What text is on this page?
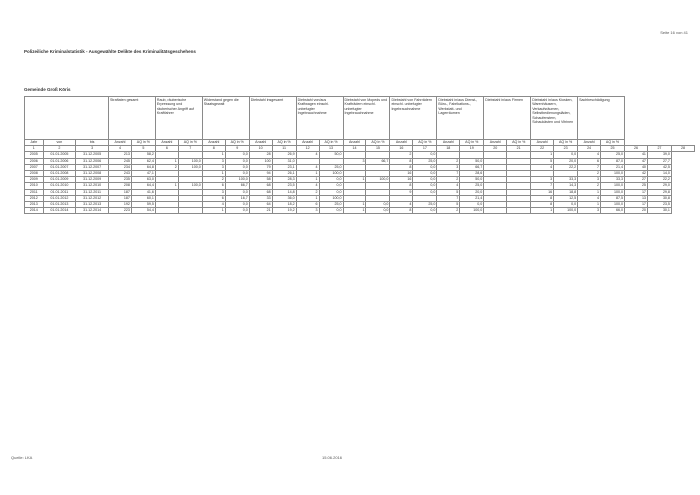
Seite 16 von 41
Polizeiliche Kriminalstatistik - Ausgewählte Delikte des Kriminalitätsgeschehens
Gemeinde Groß Köris
			Straftaten gesamt		Raub, räuberische Erpressung und räuberischer Angriff auf Kraftfahrer		Widerstand gegen die Staatsgewalt		Diebstahl insgesamt		Diebstahl von/aus Kraftwagen einschl. unbefugter Ingebrauchnahme		Diebstahl von Mopeds und Krafträdern einschl. unbefugter Ingebrauchnahme		Diebstahl von Fahrrädern einschl. unbefugter Ingebrauchnahme		Diebstahl in/aus Dienst-, Büro-, Fabrikations-, Werkstatt- und Lagerräumen		Diebstahl in/aus Firmen		Diebstahl in/aus Kiosken, Warenhäusern, Verkaufsräumen, Selbstbedienungsläden, Schaufenstern, Schaukästen und Vitrinen		Sachbeschädigung				
Jahr	von	bis	Anzahl	AQ in %	Anzahl	AQ in %	Anzahl	AQ in %	Anzahl	AQ in %	Anzahl	AQ in %	Anzahl	AQ in %	Anzahl	AQ in %	Anzahl	AQ in %	Anzahl	AQ in %	Anzahl	AQ in %	Anzahl	AQ in %			
1	2	3	4	5	6	7	8	9	10	11	12	13	14	15	16	17	18	19	20	21	22	23	24	25	26	27	28
2005	01.01.2005	31.12.2005	213	58,2			1	0,0	28	26,9	4	50,0			2	0,0					1	0,0	4	25,0	41	39,0	
2006	01.01.2006	31.12.2006	245	62,4	1	100,0	3	0,0	100	31,0			3	66,7	8	25,0	2	50,0			5	20,0	6	87,0	47	27,7	
2007	01.01.2007	31.12.2007	234	64,8	2	100,0	3	0,0	79	23,1	4	25,0			8	0,0	3	66,7			4	22,2	7	21,4	40	42,5	
2008	01.01.2008	31.12.2008	243	47,1			1	0,0	94	26,1	1	100,0			16	0,0	7	28,6					2	100,0	42	14,0	
2009	01.01.2009	31.12.2009	235	63,0			2	100,0	58	28,3	1	0,0	1	100,0	16	0,0	2	50,0			3	33,3	3	33,3	27	22,2	
2010	01.01.2010	31.12.2010	208	64,4	1	100,0	6	66,7	68	23,5	4	0,0			8	0,0	4	25,0			7	14,3	2	100,0	25	29,0	
2011	01.01.2011	31.12.2011	187	41,6			3	0,0	68	14,8	2	0,0			9	0,0	5	20,0			16	18,8	1	100,0	17	29,8	
2012	01.01.2012	31.12.2012	187	60,1			6	16,7	33	36,0	1	100,0					7	21,4			8	12,5	4	87,5	13	30,8	
2013	01.01.2013	31.12.2013	192	59,5			4	0,0	64	18,2	6	25,0	1	0,0	4	25,0	5	0,0			8	0,0	1	100,0	17	23,5	
2014	01.01.2014	31.12.2014	223	54,4			1	0,0	21	19,2	3	0,0	1	0,0	8	0,0	2	100,0			1	100,0	3	66,0	20	30,1	
Quelle: LKA	15.06.2016
